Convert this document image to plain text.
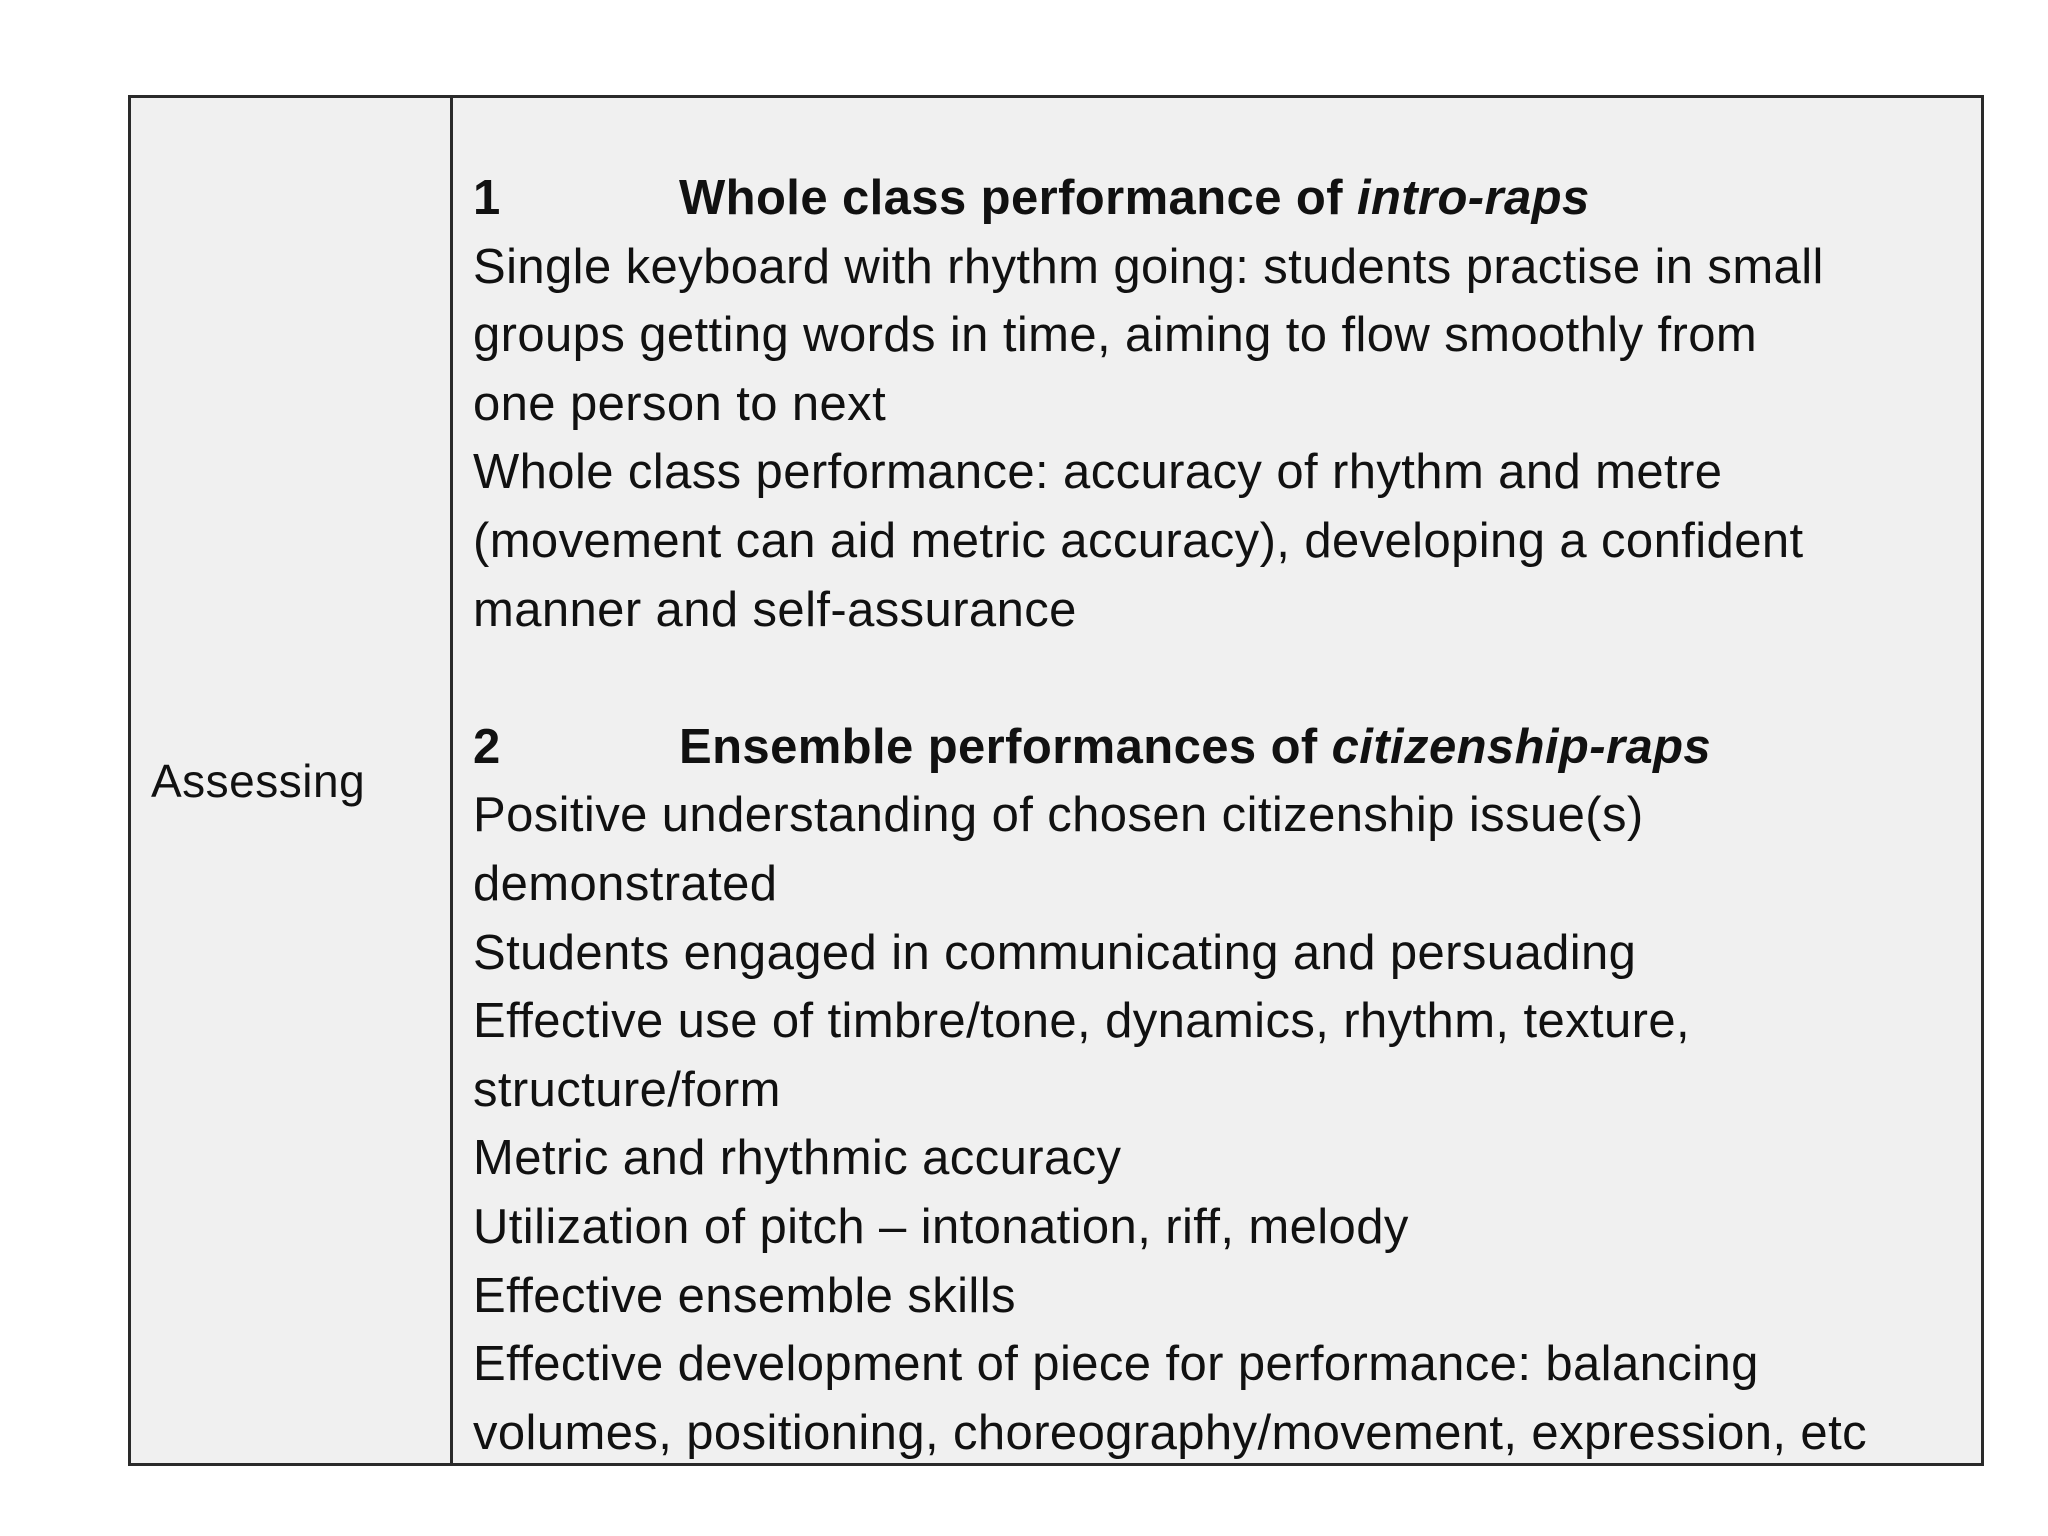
Assessing
1	Whole class performance of intro-raps
Single keyboard with rhythm going: students practise in small
groups getting words in time, aiming to flow smoothly from
one person to next
Whole class performance: accuracy of rhythm and metre
(movement can aid metric accuracy), developing a confident
manner and self-assurance
2	Ensemble performances of citizenship-raps
Positive understanding of chosen citizenship issue(s)
demonstrated
Students engaged in communicating and persuading
Effective use of timbre/tone, dynamics, rhythm, texture,
structure/form
Metric and rhythmic accuracy
Utilization of pitch – intonation, riff, melody
Effective ensemble skills
Effective development of piece for performance: balancing
volumes, positioning, choreography/movement, expression, etc
